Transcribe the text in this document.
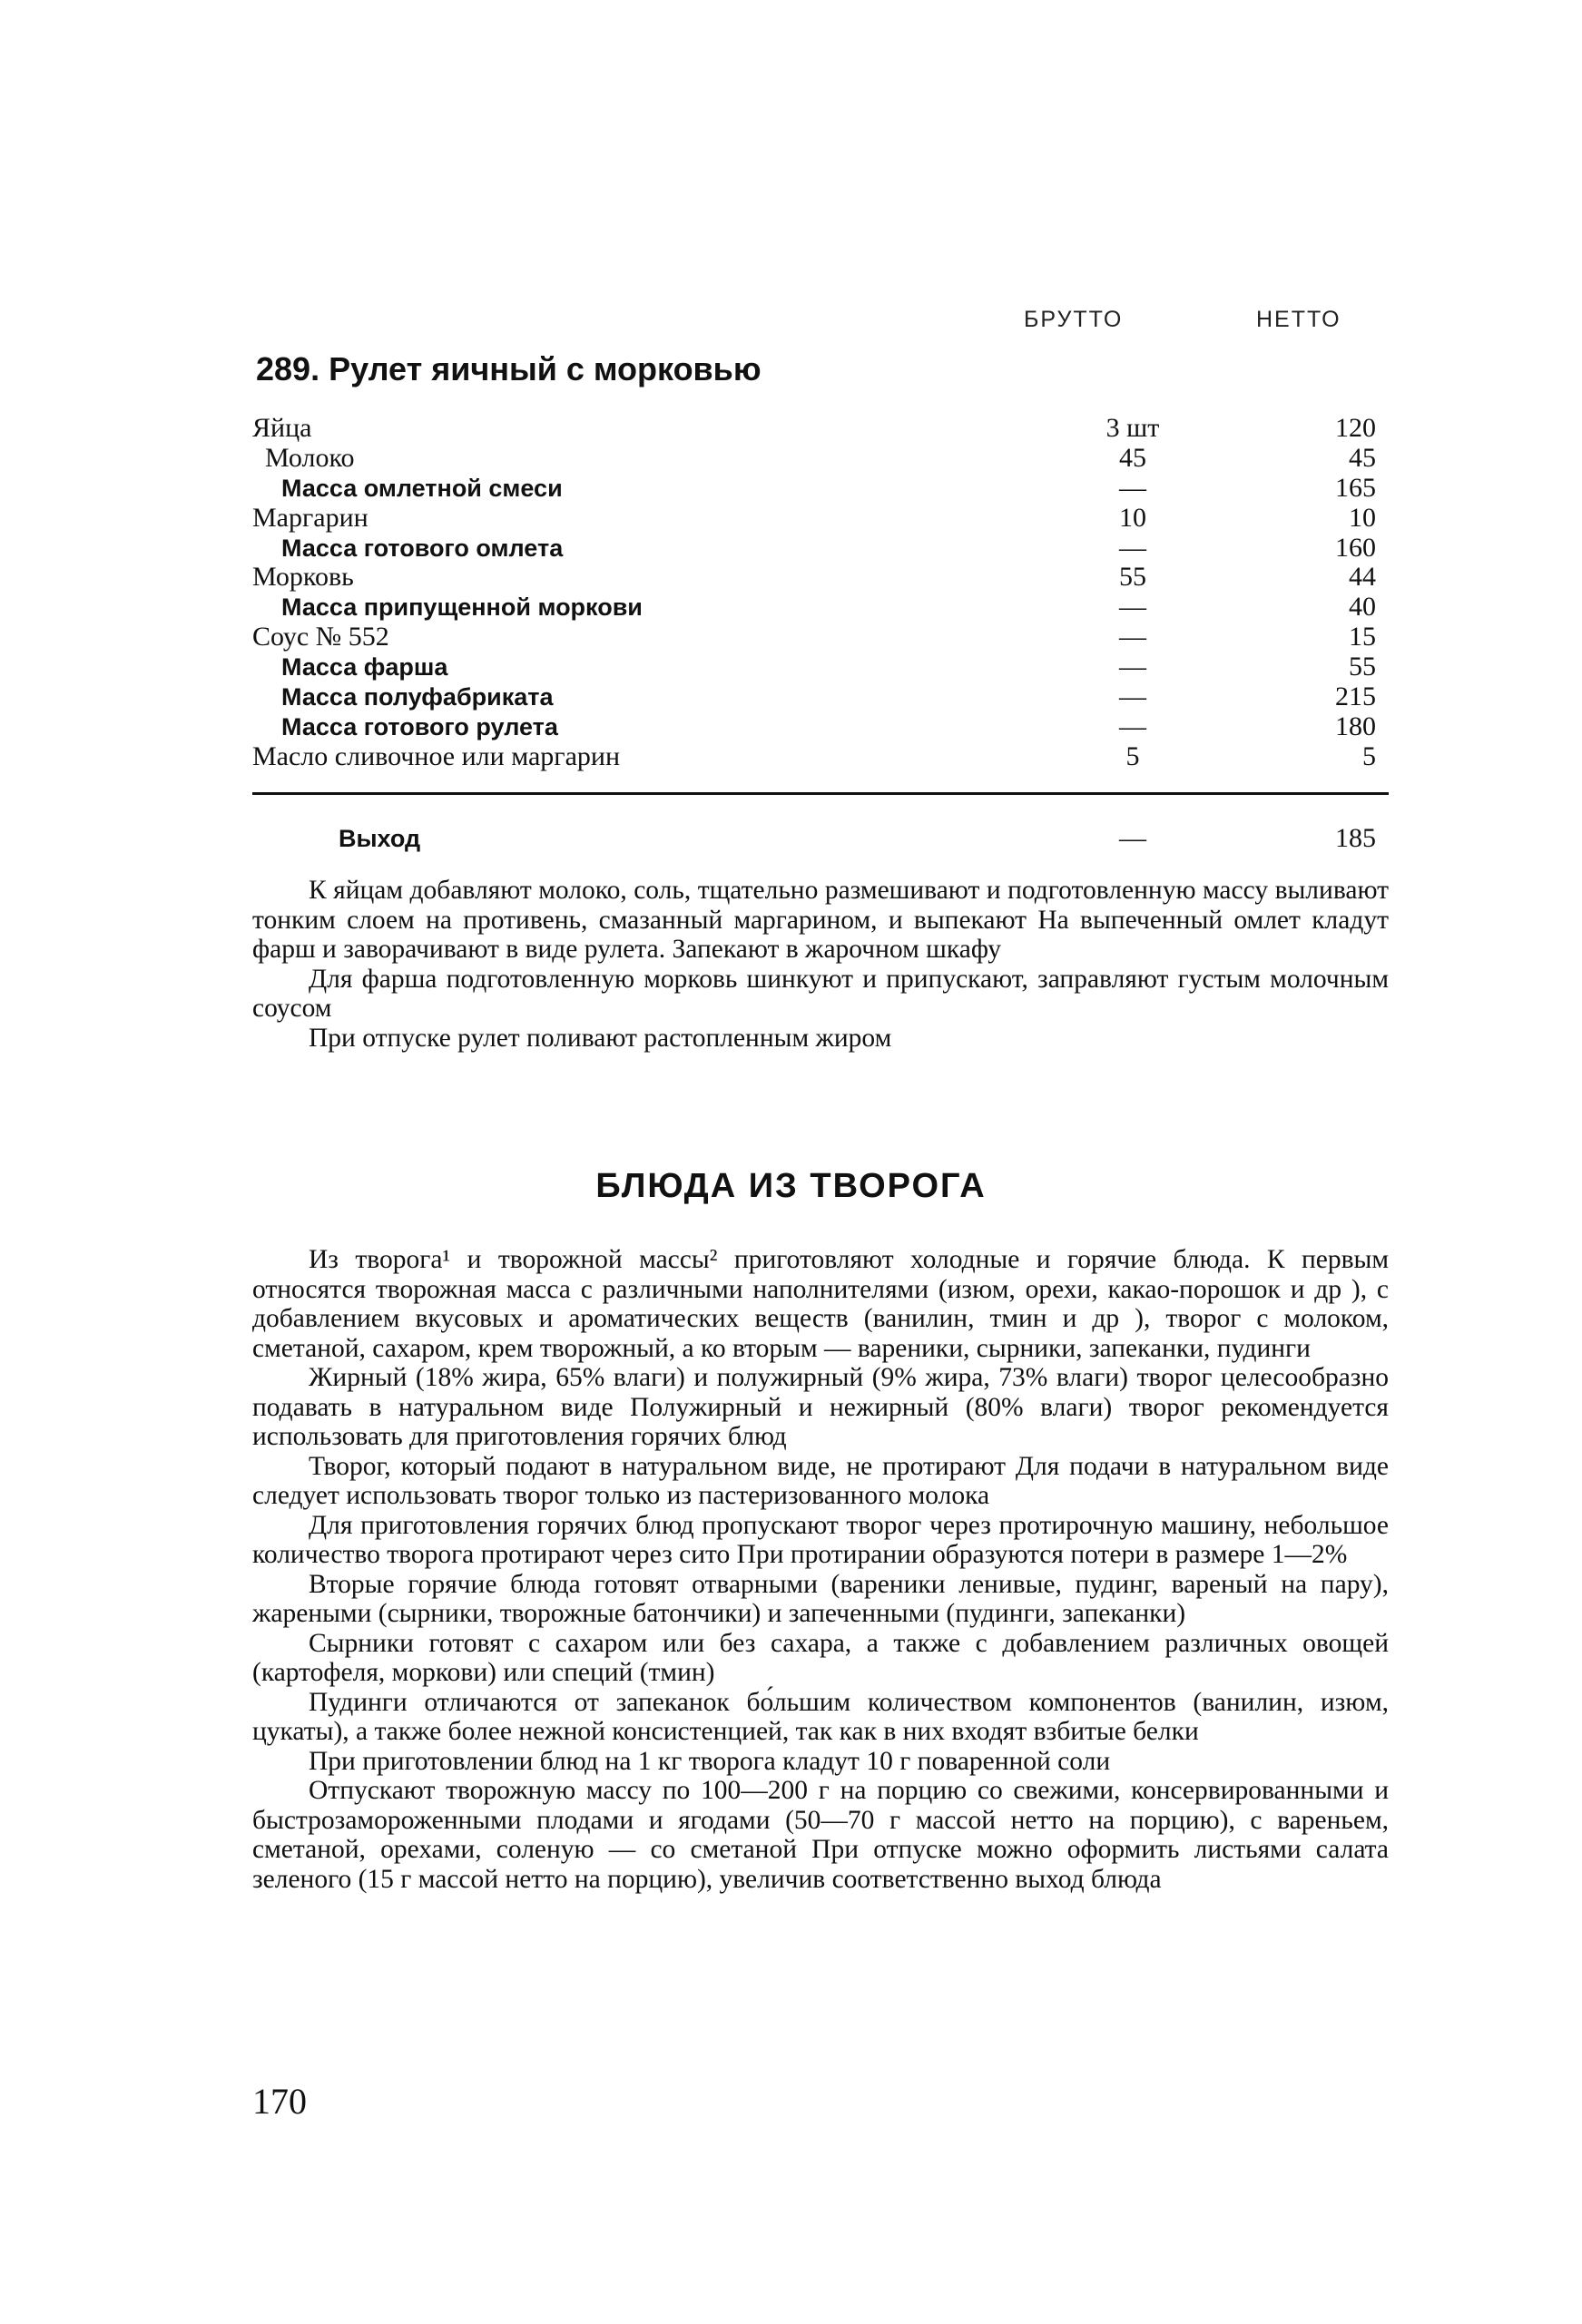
БРУТТО	НЕТТО
289. Рулет яичный с морковью
Яйца	3 шт	120
Молоко	45	45
Масса омлетной смеси	—	165
Маргарин	10	10
Масса готового омлета	—	160
Морковь	55	44
Масса припущенной моркови	—	40
Соус № 552	—	15
Масса фарша	—	55
Масса полуфабриката	—	215
Масса готового рулета	—	180
Масло сливочное или маргарин	5	5
Выход	—	185

К яйцам добавляют молоко, соль, тщательно размешивают и подготовленную массу выливают тонким слоем на противень, смазанный маргарином, и выпекают На выпеченный омлет кладут фарш и заворачивают в виде рулета. Запекают в жарочном шкафу

Для фарша подготовленную морковь шинкуют и припускают, заправляют густым молочным соусом

При отпуске рулет поливают растопленным жиром

БЛЮДА ИЗ ТВОРОГА

Из творога¹ и творожной массы² приготовляют холодные и горячие блюда. К первым относятся творожная масса с различными наполнителями (изюм, орехи, какао-порошок и др ), с добавлением вкусовых и ароматических веществ (ванилин, тмин и др ), творог с молоком, сметаной, сахаром, крем творожный, а ко вторым — вареники, сырники, запеканки, пудинги

Жирный (18% жира, 65% влаги) и полужирный (9% жира, 73% влаги) творог целесообразно подавать в натуральном виде Полужирный и нежирный (80% влаги) творог рекомендуется использовать для приготовления горячих блюд

Творог, который подают в натуральном виде, не протирают Для подачи в натуральном виде следует использовать творог только из пастеризованного молока

Для приготовления горячих блюд пропускают творог через протирочную машину, небольшое количество творога протирают через сито При протирании образуются потери в размере 1—2%

Вторые горячие блюда готовят отварными (вареники ленивые, пудинг, вареный на пару), жареными (сырники, творожные батончики) и запеченными (пудинги, запеканки)

Сырники готовят с сахаром или без сахара, а также с добавлением различных овощей (картофеля, моркови) или специй (тмин)

Пудинги отличаются от запеканок бо́льшим количеством компонентов (ванилин, изюм, цукаты), а также более нежной консистенцией, так как в них входят взбитые белки

При приготовлении блюд на 1 кг творога кладут 10 г поваренной соли

Отпускают творожную массу по 100—200 г на порцию со свежими, консервированными и быстрозамороженными плодами и ягодами (50—70 г массой нетто на порцию), с вареньем, сметаной, орехами, соленую — со сметаной При отпуске можно оформить листьями салата зеленого (15 г массой нетто на порцию), увеличив соответственно выход блюда

170
